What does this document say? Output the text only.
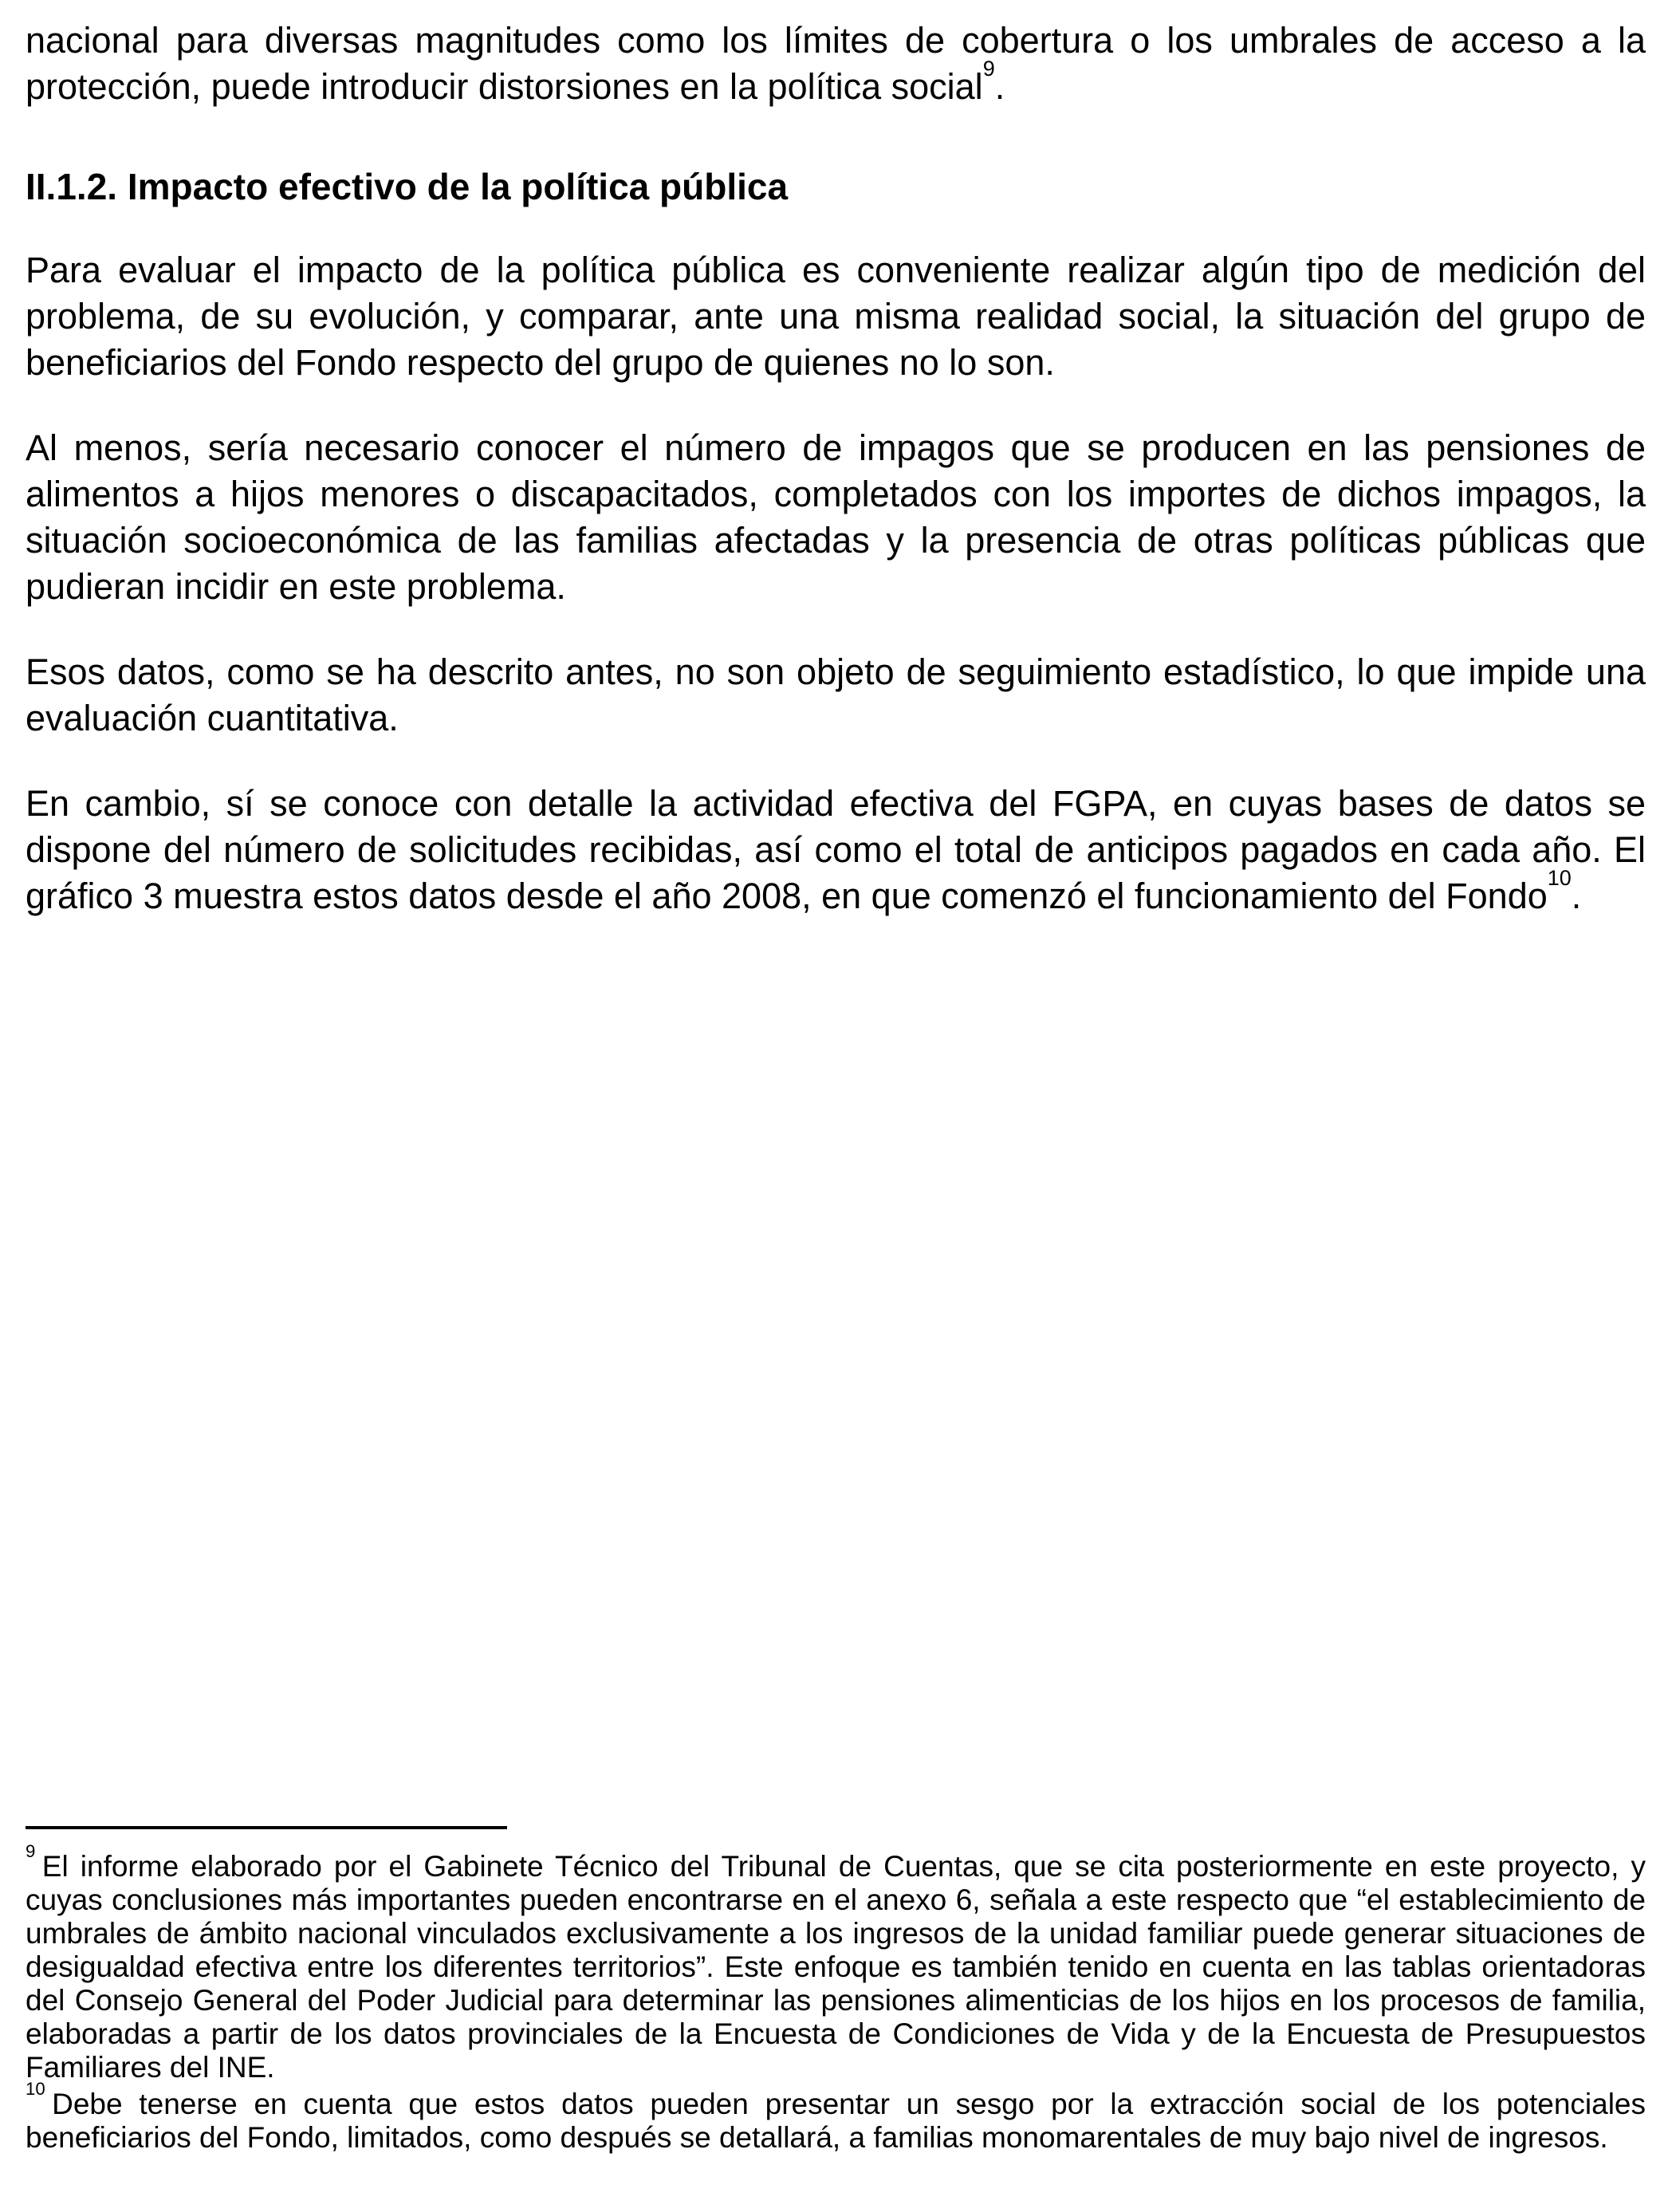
nacional para diversas magnitudes como los límites de cobertura o los umbrales de acceso a la protección, puede introducir distorsiones en la política social$^9$.

II.1.2. Impacto efectivo de la política pública

Para evaluar el impacto de la política pública es conveniente realizar algún tipo de medición del problema, de su evolución, y comparar, ante una misma realidad social, la situación del grupo de beneficiarios del Fondo respecto del grupo de quienes no lo son.

Al menos, sería necesario conocer el número de impagos que se producen en las pensiones de alimentos a hijos menores o discapacitados, completados con los importes de dichos impagos, la situación socioeconómica de las familias afectadas y la presencia de otras políticas públicas que pudieran incidir en este problema.

Esos datos, como se ha descrito antes, no son objeto de seguimiento estadístico, lo que impide una evaluación cuantitativa.

En cambio, sí se conoce con detalle la actividad efectiva del FGPA, en cuyas bases de datos se dispone del número de solicitudes recibidas, así como el total de anticipos pagados en cada año. El gráfico 3 muestra estos datos desde el año 2008, en que comenzó el funcionamiento del Fondo$^{10}$.

$^9$ El informe elaborado por el Gabinete Técnico del Tribunal de Cuentas, que se cita posteriormente en este proyecto, y cuyas conclusiones más importantes pueden encontrarse en el anexo 6, señala a este respecto que “el establecimiento de umbrales de ámbito nacional vinculados exclusivamente a los ingresos de la unidad familiar puede generar situaciones de desigualdad efectiva entre los diferentes territorios”. Este enfoque es también tenido en cuenta en las tablas orientadoras del Consejo General del Poder Judicial para determinar las pensiones alimenticias de los hijos en los procesos de familia, elaboradas a partir de los datos provinciales de la Encuesta de Condiciones de Vida y de la Encuesta de Presupuestos Familiares del INE.

$^{10}$ Debe tenerse en cuenta que estos datos pueden presentar un sesgo por la extracción social de los potenciales beneficiarios del Fondo, limitados, como después se detallará, a familias monomarentales de muy bajo nivel de ingresos.
